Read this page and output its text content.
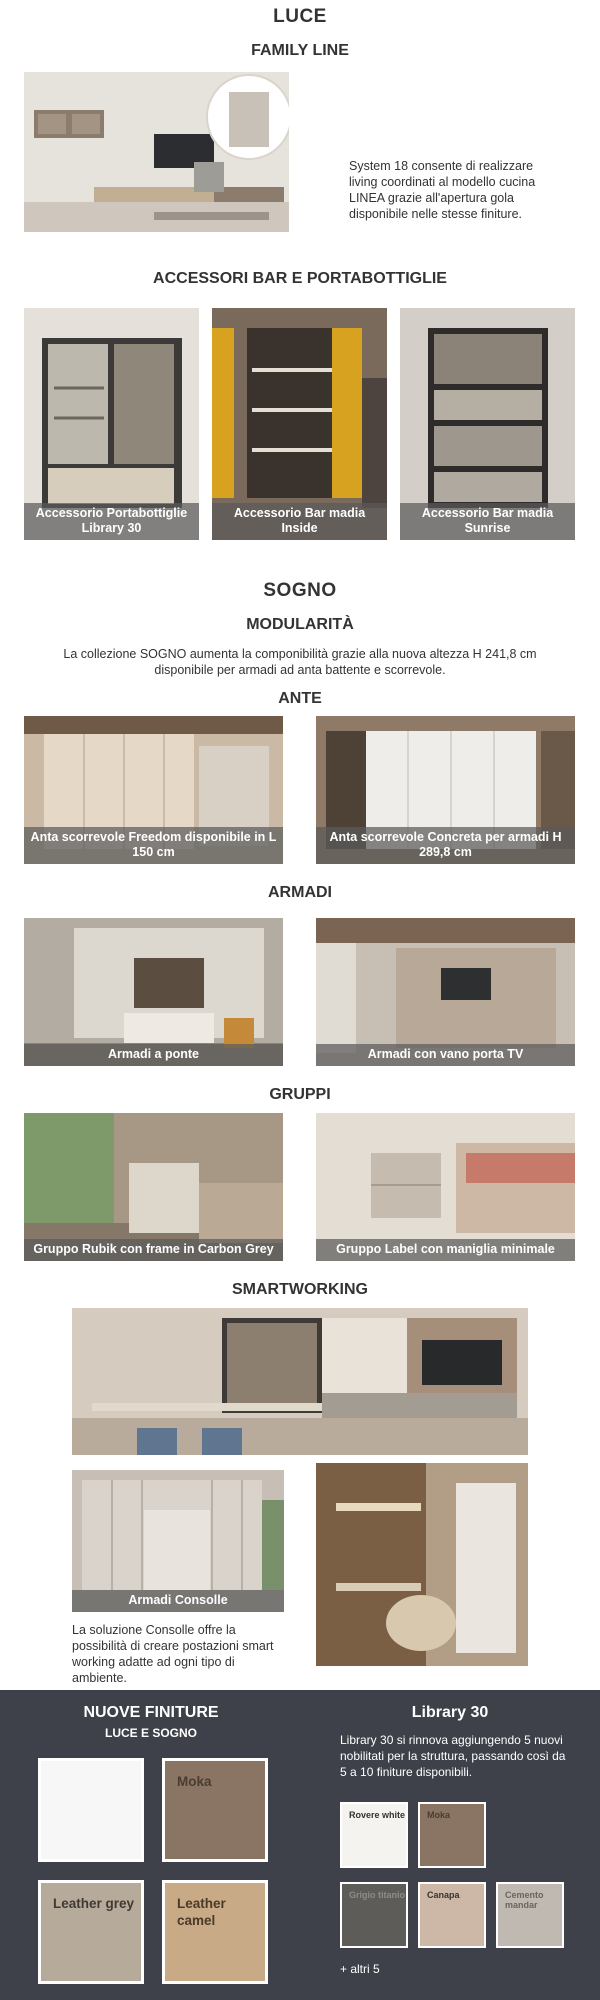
LUCE
FAMILY LINE
System 18 consente di realizzare living coordinati al modello cucina LINEA grazie all'apertura gola disponibile nelle stesse finiture.
ACCESSORI BAR E PORTABOTTIGLIE
Accessorio Portabottiglie Library 30
Accessorio Bar madia Inside
Accessorio Bar madia Sunrise
SOGNO
MODULARITÀ
La collezione SOGNO aumenta la componibilità grazie alla nuova altezza H 241,8 cm disponibile per armadi ad anta battente e scorrevole.
ANTE
Anta scorrevole Freedom disponibile in L 150 cm
Anta scorrevole Concreta per armadi H 289,8 cm
ARMADI
Armadi a ponte	Armadi con vano porta TV
GRUPPI
Gruppo Rubik con frame in Carbon Grey	Gruppo Label con maniglia minimale
SMARTWORKING
Armadi Consolle
La soluzione Consolle offre la possibilità di creare postazioni smart working adatte ad ogni tipo di ambiente.
NUOVE FINITURE
LUCE E SOGNO
Moka
Leather grey	Leather camel
Library 30
Library 30 si rinnova aggiungendo 5 nuovi nobilitati per la struttura, passando così da 5 a 10 finiture disponibili.
Rovere white Moka
Grigio titanio Canapa	Cemento mandar
+ altri 5
